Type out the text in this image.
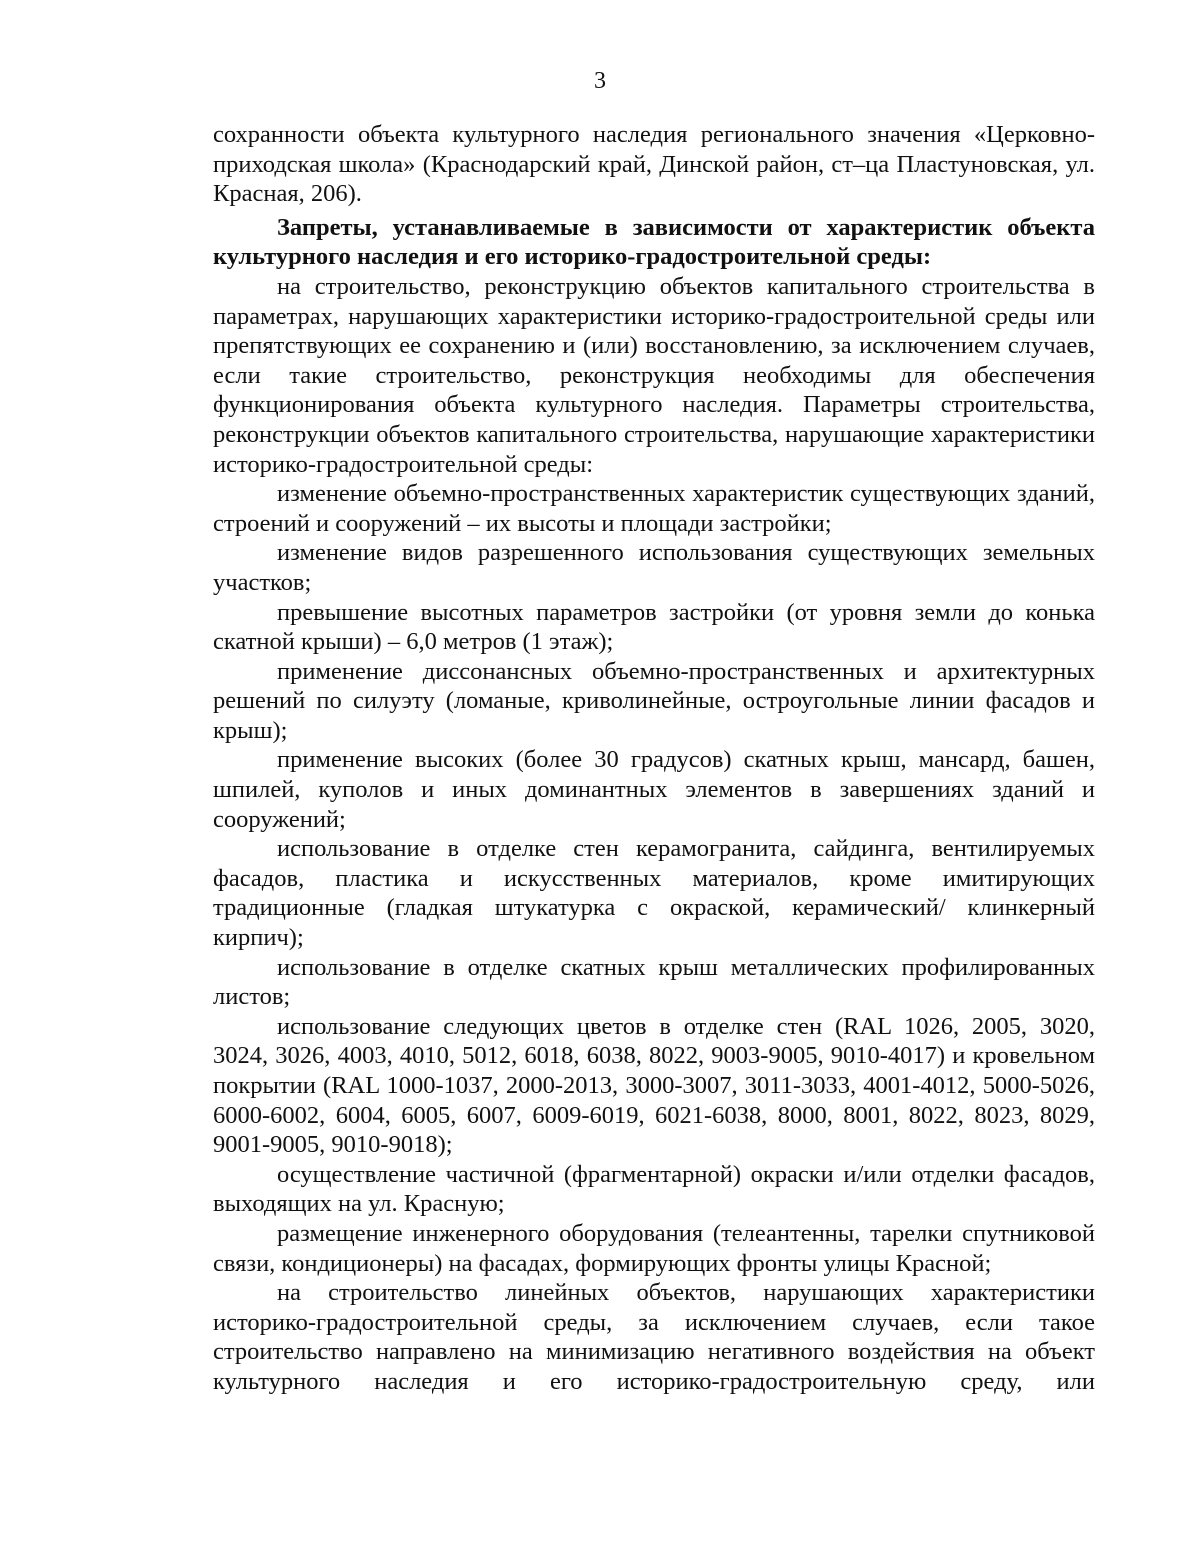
3

сохранности объекта культурного наследия регионального значения «Церковно-приходская школа» (Краснодарский край, Динской район, ст–ца Пластуновская, ул. Красная, 206).

Запреты, устанавливаемые в зависимости от характеристик объекта культурного наследия и его историко-градостроительной среды:

на строительство, реконструкцию объектов капитального строительства в параметрах, нарушающих характеристики историко-градостроительной среды или препятствующих ее сохранению и (или) восстановлению, за исключением случаев, если такие строительство, реконструкция необходимы для обеспечения функционирования объекта культурного наследия. Параметры строительства, реконструкции объектов капитального строительства, нарушающие характеристики историко-градостроительной среды:

изменение объемно-пространственных характеристик существующих зданий, строений и сооружений – их высоты и площади застройки;

изменение видов разрешенного использования существующих земельных участков;

превышение высотных параметров застройки (от уровня земли до конька скатной крыши) – 6,0 метров (1 этаж);

применение диссонансных объемно-пространственных и архитектурных решений по силуэту (ломаные, криволинейные, остроугольные линии фасадов и крыш);

применение высоких (более 30 градусов) скатных крыш, мансард, башен, шпилей, куполов и иных доминантных элементов в завершениях зданий и сооружений;

использование в отделке стен керамогранита, сайдинга, вентилируемых фасадов, пластика и искусственных материалов, кроме имитирующих традиционные (гладкая штукатурка с окраской, керамический/ клинкерный кирпич);

использование в отделке скатных крыш металлических профилированных листов;

использование следующих цветов в отделке стен (RAL 1026, 2005, 3020, 3024, 3026, 4003, 4010, 5012, 6018, 6038, 8022, 9003-9005, 9010-4017) и кровельном покрытии (RAL 1000-1037, 2000-2013, 3000-3007, 3011-3033, 4001-4012, 5000-5026, 6000-6002, 6004, 6005, 6007, 6009-6019, 6021-6038, 8000, 8001, 8022, 8023, 8029, 9001-9005, 9010-9018);

осуществление частичной (фрагментарной) окраски и/или отделки фасадов, выходящих на ул. Красную;

размещение инженерного оборудования (телеантенны, тарелки спутниковой связи, кондиционеры) на фасадах, формирующих фронты улицы Красной;

на строительство линейных объектов, нарушающих характеристики историко-градостроительной среды, за исключением случаев, если такое строительство направлено на минимизацию негативного воздействия на объект культурного наследия и его историко-градостроительную среду, или
